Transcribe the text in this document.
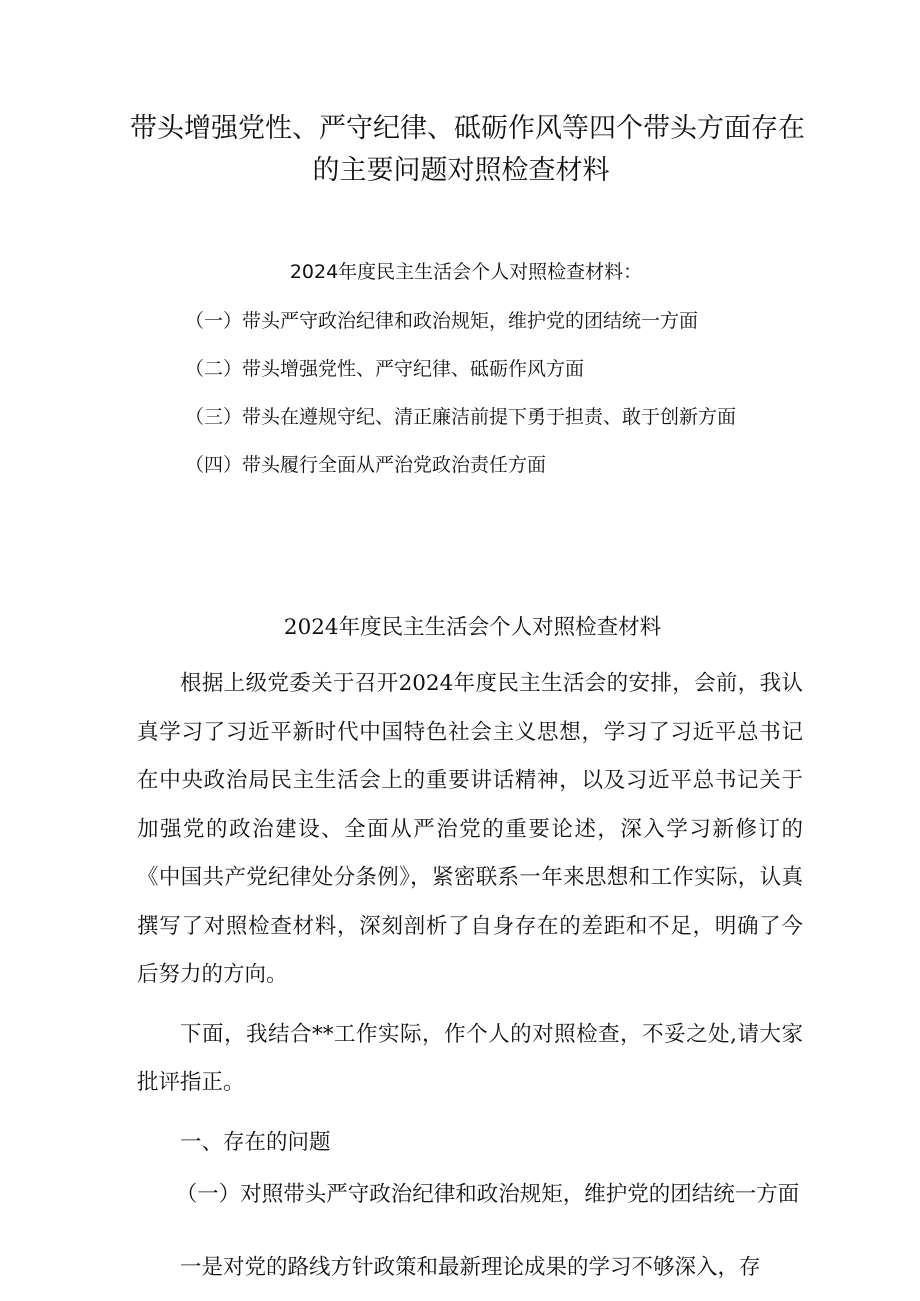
带头增强党性、严守纪律、砥砺作风等四个带头方面存在
的主要问题对照检查材料
2024年度民主生活会个人对照检查材料：
（一）带头严守政治纪律和政治规矩，维护党的团结统一方面
（二）带头增强党性、严守纪律、砥砺作风方面
（三）带头在遵规守纪、清正廉洁前提下勇于担责、敢于创新方面
（四）带头履行全面从严治党政治责任方面
2024年度民主生活会个人对照检查材料
根据上级党委关于召开2024年度民主生活会的安排，会前，我认真学习了习近平新时代中国特色社会主义思想，学习了习近平总书记在中央政治局民主生活会上的重要讲话精神，以及习近平总书记关于加强党的政治建设、全面从严治党的重要论述，深入学习新修订的《中国共产党纪律处分条例》，紧密联系一年来思想和工作实际，认真撰写了对照检查材料，深刻剖析了自身存在的差距和不足，明确了今后努力的方向。
下面，我结合**工作实际，作个人的对照检查，不妥之处,请大家批评指正。
一、存在的问题
（一）对照带头严守政治纪律和政治规矩，维护党的团结统一方面
一是对党的路线方针政策和最新理论成果的学习不够深入，存
